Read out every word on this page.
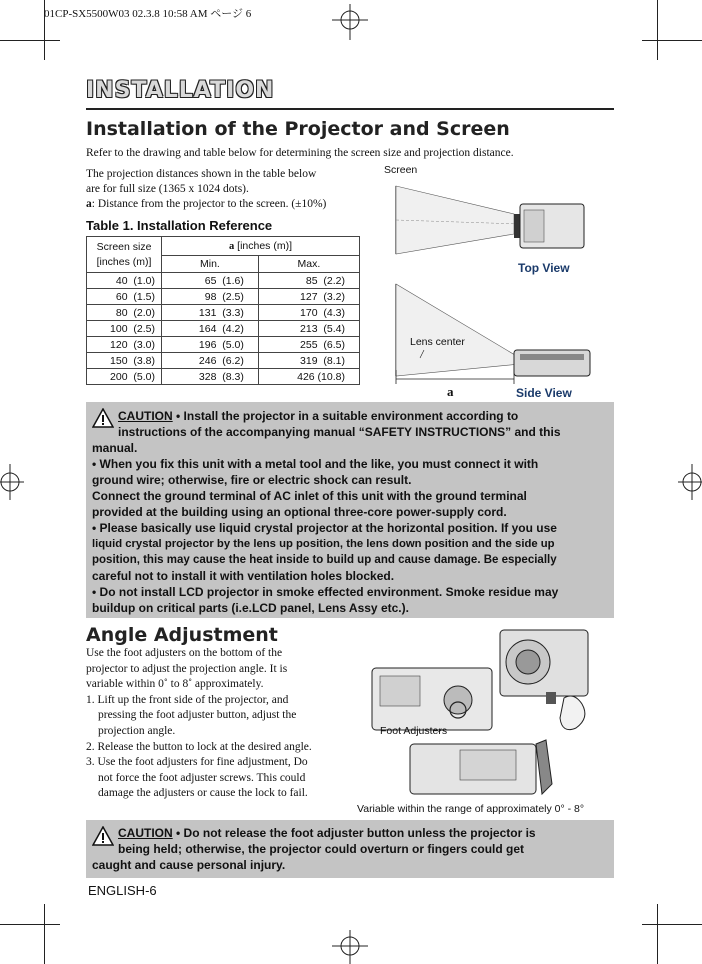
01CP-SX5500W03 02.3.8 10:58 AM ページ 6
INSTALLATION
Installation of the Projector and Screen
Refer to the drawing and table below for determining the screen size and projection distance.
The projection distances shown in the table below
are for full size (1365 x 1024 dots).
a: Distance from the projector to the screen. (±10%)
Table 1. Installation Reference
Screen size
[inches (m)]	a [inches (m)]	
	Min.	Max.
40  (1.0)	65  (1.6)	85  (2.2)
60  (1.5)	98  (2.5)	127  (3.2)
80  (2.0)	131  (3.3)	170  (4.3)
100  (2.5)	164  (4.2)	213  (5.4)
120  (3.0)	196  (5.0)	255  (6.5)
150  (3.8)	246  (6.2)	319  (8.1)
200  (5.0)	328  (8.3)	426 (10.8)
Screen
Top View
Lens center
a	Side View
CAUTION • Install the projector in a suitable environment according to
instructions of the accompanying manual “SAFETY INSTRUCTIONS” and this
manual.
• When you fix this unit with a metal tool and the like, you must connect it with
ground wire; otherwise, fire or electric shock can result.
Connect the ground terminal of AC inlet of this unit with the ground terminal
provided at the building using an optional three-core power-supply cord.
• Please basically use liquid crystal projector at the horizontal position. If you use
liquid crystal projector by the lens up position, the lens down position and the side up
position, this may cause the heat inside to build up and cause damage. Be especially
careful not to install it with ventilation holes blocked.
• Do not install LCD projector in smoke effected environment. Smoke residue may
buildup on critical parts (i.e.LCD panel, Lens Assy etc.).
Angle Adjustment
Use the foot adjusters on the bottom of the
projector to adjust the projection angle. It is
variable within 0˚ to 8˚ approximately.
1. Lift up the front side of the projector, and
pressing the foot adjuster button, adjust the
projection angle.
2. Release the button to lock at the desired angle.
3. Use the foot adjusters for fine adjustment, Do
not force the foot adjuster screws. This could
damage the adjusters or cause the lock to fail.
Foot Adjusters
Variable within the range of approximately 0° - 8°
CAUTION • Do not release the foot adjuster button unless the projector is
being held; otherwise, the projector could overturn or fingers could get
caught and cause personal injury.
ENGLISH-6
